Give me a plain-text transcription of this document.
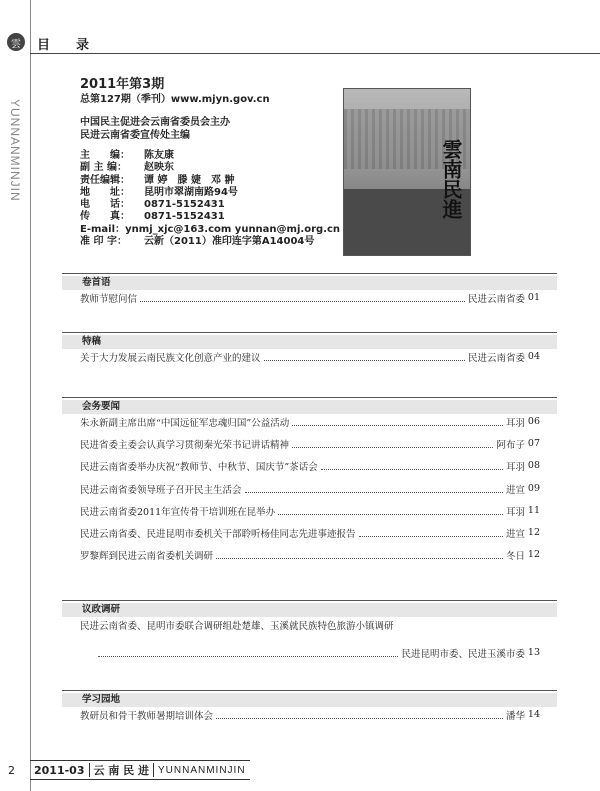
雲	目录
YUNNANMINJIN
2011年第3期
总第127期（季刊）www.mjyn.gov.cn
中国民主促进会云南省委员会主办
民进云南省委宣传处主编
主　　编：	陈友康
副 主 编：	赵映东
责任编辑：	谭 婷　滕 婕　邓 翀
地　　址：	昆明市翠湖南路94号
电　　话：	0871-5152431
传　　真：	0871-5152431
E-mail： ynmj_xjc@163.com yunnan@mj.org.cn
准 印 字：	云新（2011）准印连字第A14004号
雲南民進
卷首语
教师节慰问信	民进云南省委 01
特稿
关于大力发展云南民族文化创意产业的建议	民进云南省委 04
会务要闻
朱永新副主席出席“中国远征军忠魂归国”公益活动	耳羽 06
民进省委主委会认真学习贯彻秦光荣书记讲话精神	阿布子 07
民进云南省委举办庆祝“教师节、中秋节、国庆节”茶话会	耳羽 08
民进云南省委领导班子召开民主生活会	进宣 09
民进云南省委2011年宣传骨干培训班在昆举办	耳羽 11
民进云南省委、民进昆明市委机关干部聆听杨佳同志先进事迹报告	进宣 12
罗黎辉到民进云南省委机关调研	冬日 12
议政调研
民进云南省委、昆明市委联合调研组赴楚雄、玉溪就民族特色旅游小镇调研
民进昆明市委、民进玉溪市委 13
学习园地
教研员和骨干教师暑期培训体会	潘华 14
2	2011-03 云 南 民 进 YUNNANMINJIN
